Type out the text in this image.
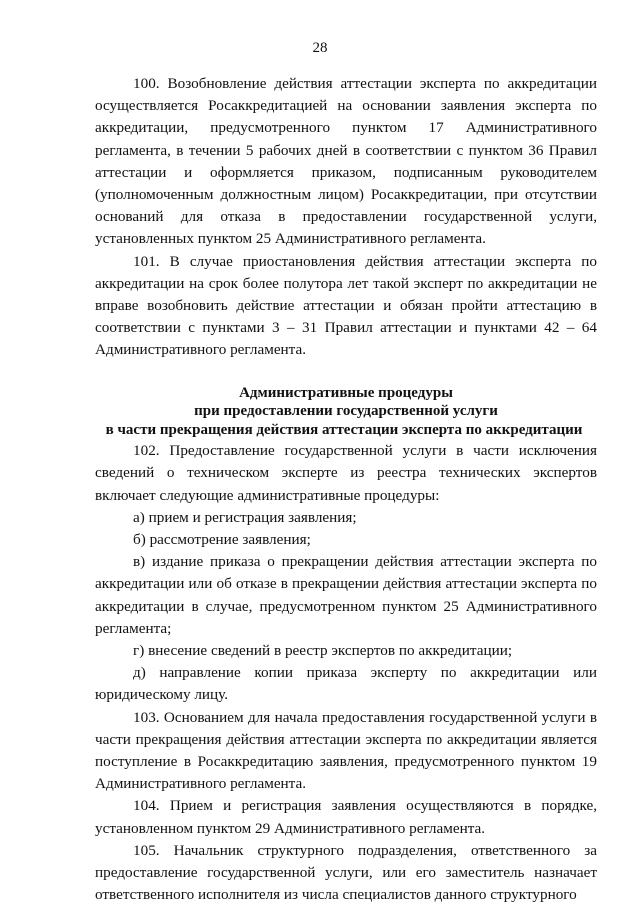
28

100. Возобновление действия аттестации эксперта по аккредитации осуществляется Росаккредитацией на основании заявления эксперта по аккредитации, предусмотренного пунктом 17 Административного регламента, в течении 5 рабочих дней в соответствии с пунктом 36 Правил аттестации и оформляется приказом, подписанным руководителем (уполномоченным должностным лицом) Росаккредитации, при отсутствии оснований для отказа в предоставлении государственной услуги, установленных пунктом 25 Административного регламента.

101. В случае приостановления действия аттестации эксперта по аккредитации на срок более полутора лет такой эксперт по аккредитации не вправе возобновить действие аттестации и обязан пройти аттестацию в соответствии с пунктами 3 – 31 Правил аттестации и пунктами 42 – 64 Административного регламента.

Административные процедуры
при предоставлении государственной услуги
в части прекращения действия аттестации эксперта по аккредитации

102. Предоставление государственной услуги в части исключения сведений о техническом эксперте из реестра технических экспертов включает следующие административные процедуры:

а) прием и регистрация заявления;

б) рассмотрение заявления;

в) издание приказа о прекращении действия аттестации эксперта по аккредитации или об отказе в прекращении действия аттестации эксперта по аккредитации в случае, предусмотренном пунктом 25 Административного регламента;

г) внесение сведений в реестр экспертов по аккредитации;

д) направление копии приказа эксперту по аккредитации или юридическому лицу.

103. Основанием для начала предоставления государственной услуги в части прекращения действия аттестации эксперта по аккредитации является поступление в Росаккредитацию заявления, предусмотренного пунктом 19 Административного регламента.

104. Прием и регистрация заявления осуществляются в порядке, установленном пунктом 29 Административного регламента.

105. Начальник структурного подразделения, ответственного за предоставление государственной услуги, или его заместитель назначает ответственного исполнителя из числа специалистов данного структурного
